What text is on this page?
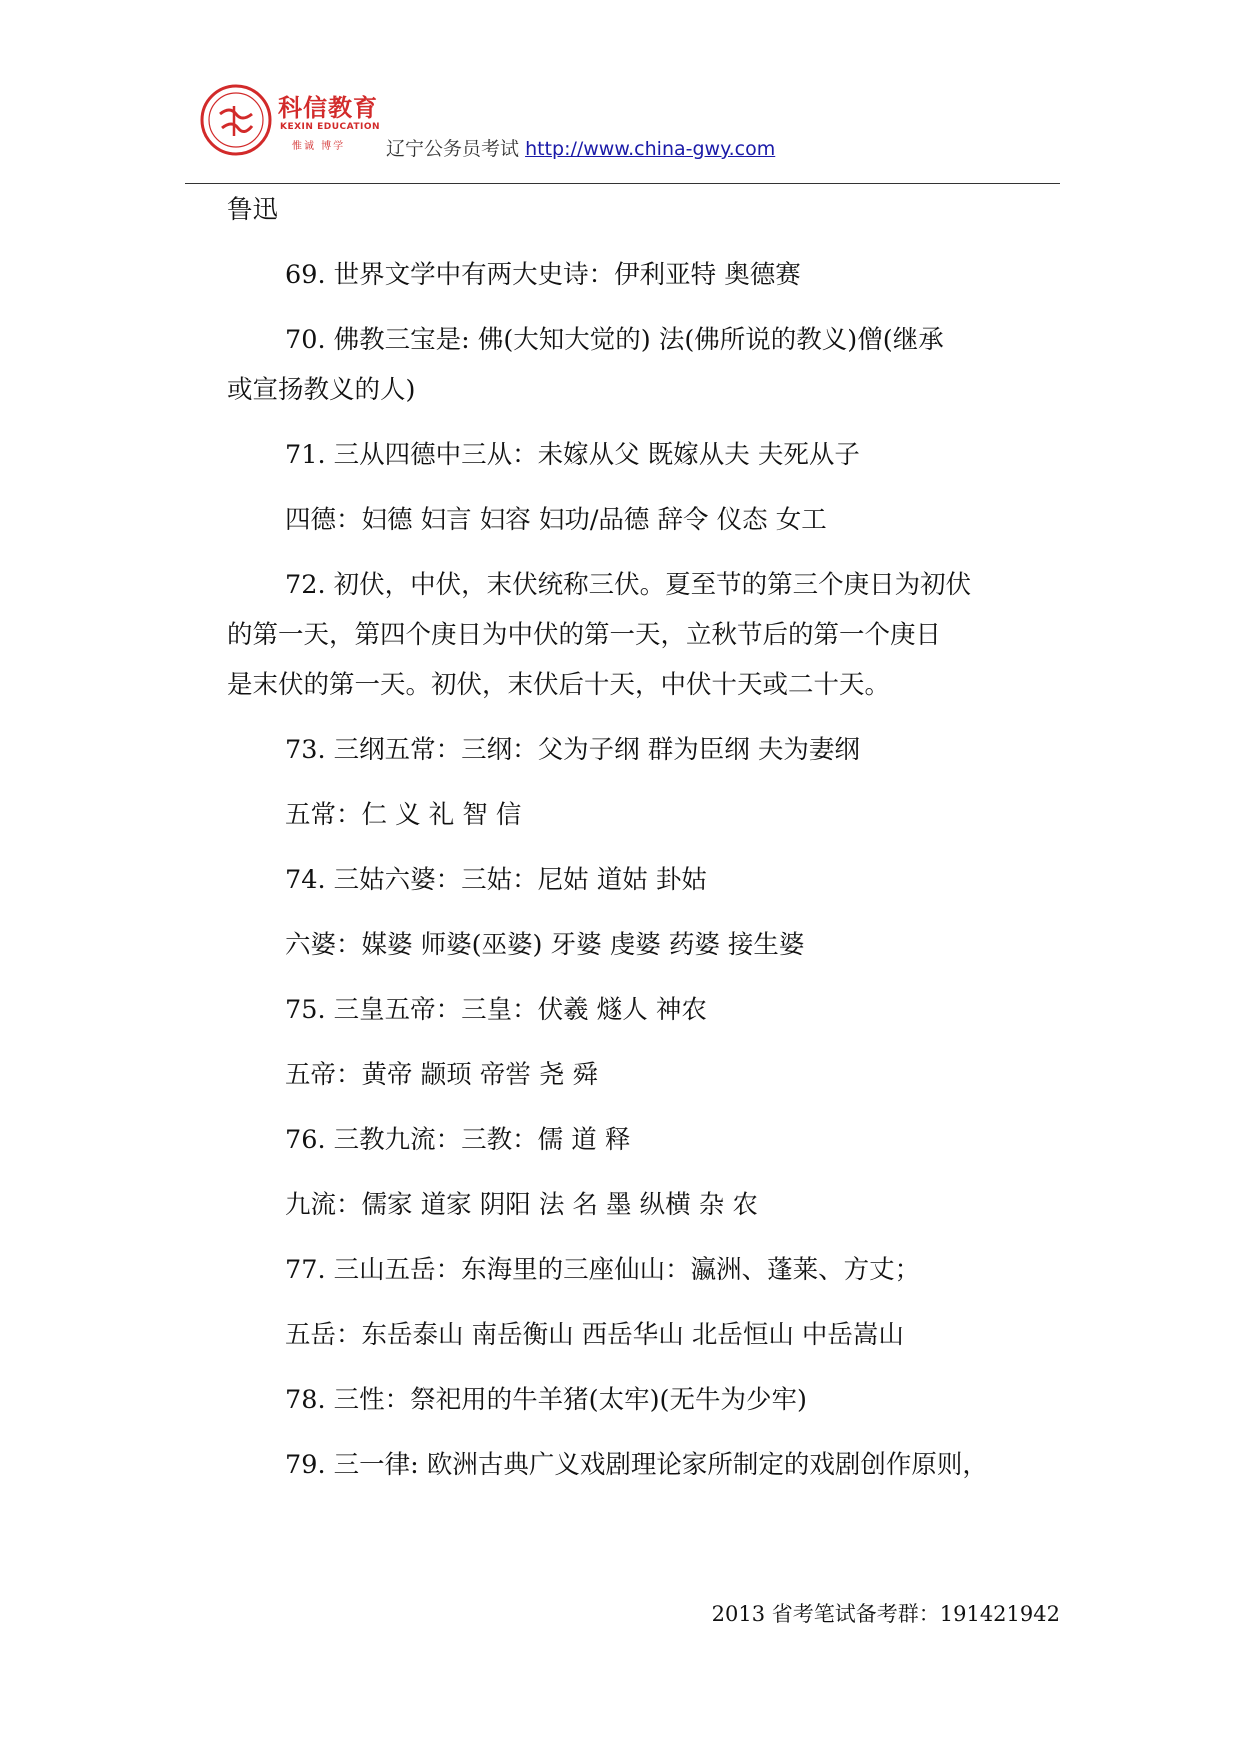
科信教育
KEXIN EDUCATION
惟诚 博学 辽宁公务员考试 http://www.china-gwy.com

鲁迅

69. 世界文学中有两大史诗：伊利亚特 奥德赛

70. 佛教三宝是: 佛(大知大觉的) 法(佛所说的教义)僧(继承

或宣扬教义的人)

71. 三从四德中三从：未嫁从父 既嫁从夫 夫死从子

四德：妇德 妇言 妇容 妇功/品德 辞令 仪态 女工

72. 初伏，中伏，末伏统称三伏。夏至节的第三个庚日为初伏

的第一天，第四个庚日为中伏的第一天，立秋节后的第一个庚日

是末伏的第一天。初伏，末伏后十天，中伏十天或二十天。

73. 三纲五常：三纲：父为子纲 群为臣纲 夫为妻纲

五常：仁 义 礼 智 信

74. 三姑六婆：三姑：尼姑 道姑 卦姑

六婆：媒婆 师婆(巫婆) 牙婆 虔婆 药婆 接生婆

75. 三皇五帝：三皇：伏羲 燧人 神农

五帝：黄帝 颛顼 帝喾 尧 舜

76. 三教九流：三教：儒 道 释

九流：儒家 道家 阴阳 法 名 墨 纵横 杂 农

77. 三山五岳：东海里的三座仙山：瀛洲、蓬莱、方丈；

五岳：东岳泰山 南岳衡山 西岳华山 北岳恒山 中岳嵩山

78. 三性：祭祀用的牛羊猪(太牢)(无牛为少牢)

79. 三一律: 欧洲古典广义戏剧理论家所制定的戏剧创作原则，

2013 省考笔试备考群：191421942
